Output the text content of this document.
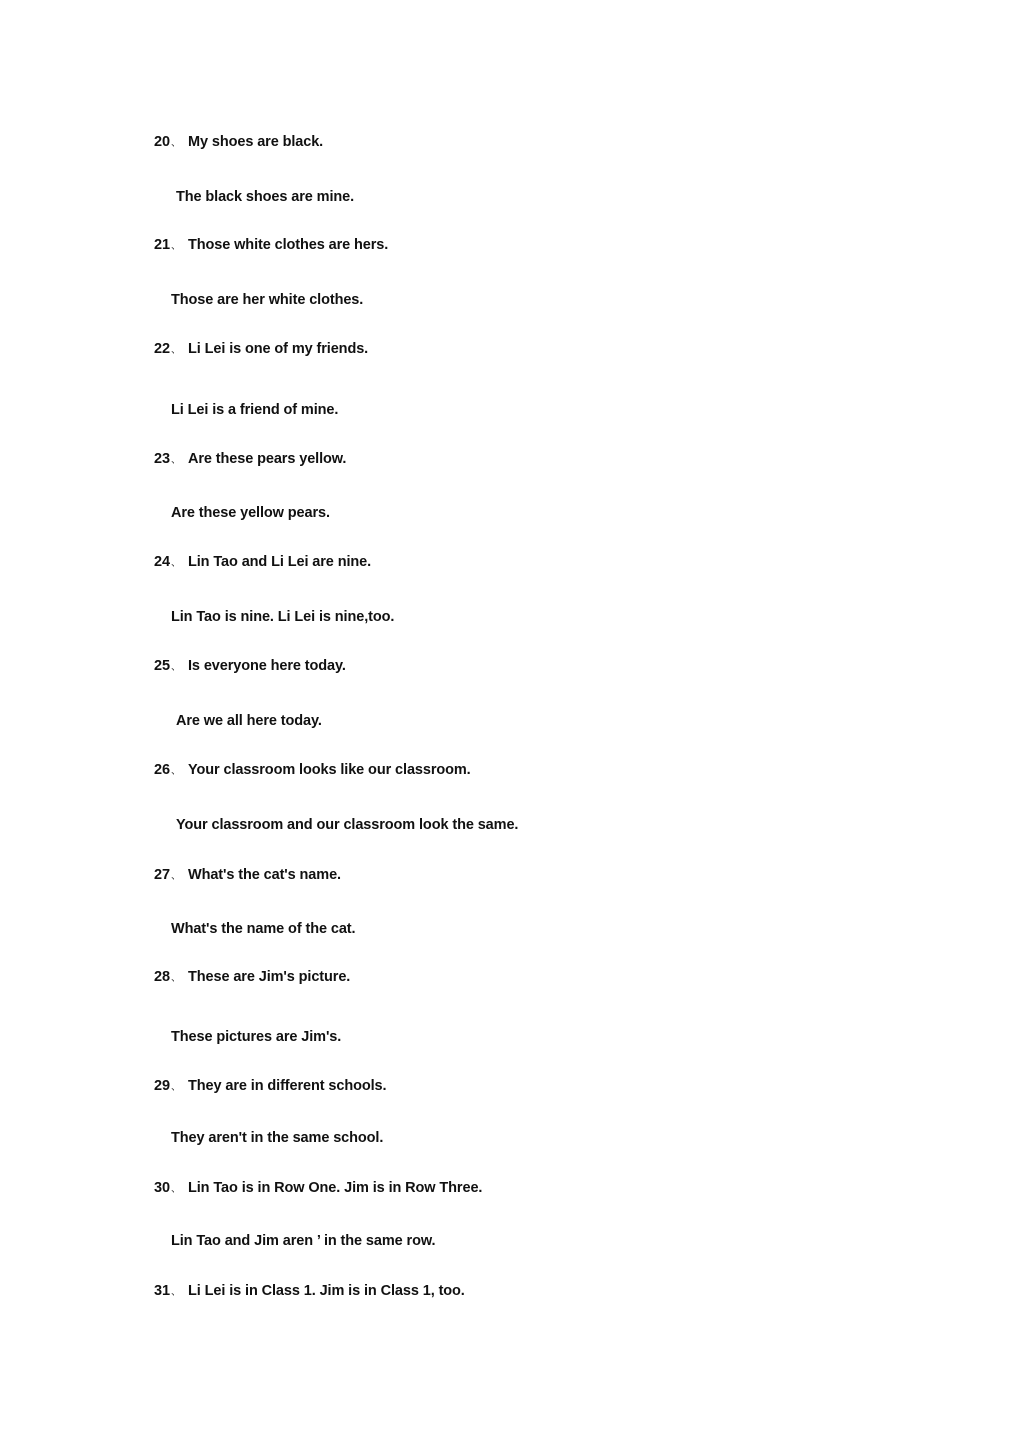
20、 My shoes are black.
The black shoes are mine.
21、 Those white clothes are hers.
Those are her white clothes.
22、 Li Lei is one of my friends.
Li Lei is a friend of mine.
23、 Are these pears yellow.
Are these yellow pears.
24、 Lin Tao and Li Lei are nine.
Lin Tao is nine. Li Lei is nine,too.
25、 Is everyone here today.
Are we all here today.
26、 Your classroom looks like our classroom.
Your classroom and our classroom look the same.
27、 What's the cat's name.
What's the name of the cat.
28、 These are Jim's picture.
These pictures are Jim's.
29、 They are in different schools.
They aren't in the same school.
30、 Lin Tao is in Row One. Jim is in Row Three.
Lin Tao and Jim aren ’ in the same row.
31、 Li Lei is in Class 1. Jim is in Class 1, too.
